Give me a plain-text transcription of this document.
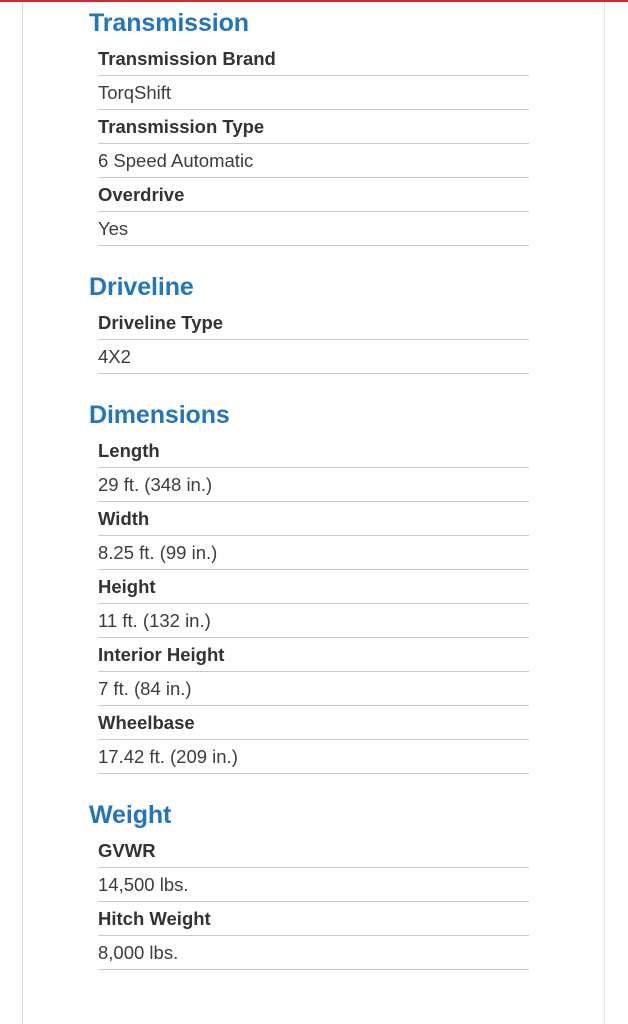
Transmission
Transmission Brand
TorqShift
Transmission Type
6 Speed Automatic
Overdrive
Yes
Driveline
Driveline Type
4X2
Dimensions
Length
29 ft. (348 in.)
Width
8.25 ft. (99 in.)
Height
11 ft. (132 in.)
Interior Height
7 ft. (84 in.)
Wheelbase
17.42 ft. (209 in.)
Weight
GVWR
14,500 lbs.
Hitch Weight
8,000 lbs.
